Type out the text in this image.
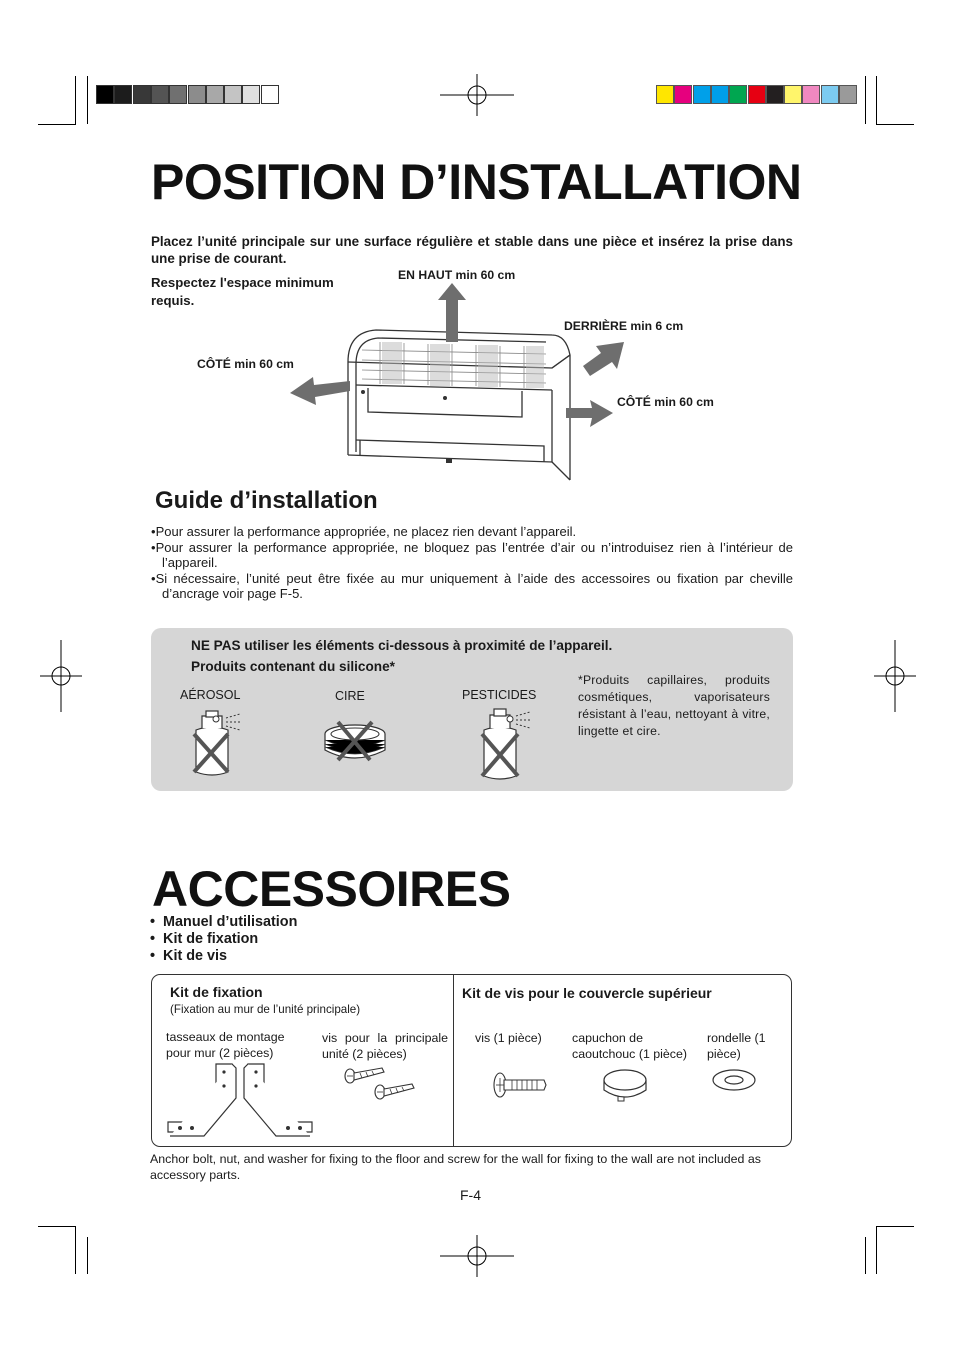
POSITION D’INSTALLATION
Placez l’unité principale sur une surface régulière et stable dans une pièce et insérez la prise dans une prise de courant.
Respectez l'espace minimum requis.
EN HAUT min 60 cm
DERRIÈRE min 6 cm
CÔTÉ min 60 cm
CÔTÉ min 60 cm
Guide d’installation
•Pour assurer la performance appropriée, ne placez rien devant l’appareil.
•Pour assurer la performance appropriée, ne bloquez pas l’entrée d’air ou n’introduisez rien à l’intérieur de l’appareil.
•Si nécessaire, l’unité peut être fixée au mur uniquement à l’aide des accessoires ou fixation par cheville d’ancrage voir page F-5.
NE PAS utiliser les éléments ci-dessous à proximité de l’appareil.
Produits contenant du silicone*
AÉROSOL	CIRE	PESTICIDES
*Produits capillaires, produits cosmétiques, vaporisateurs résistant à l’eau, nettoyant à vitre, lingette et cire.
ACCESSOIRES
•  Manuel d’utilisation
•  Kit de fixation
•  Kit de vis
Kit de fixation
(Fixation au mur de l’unité principale)
tasseaux de montage pour mur (2 pièces)
vis pour la principale unité (2 pièces)
Kit de vis pour le couvercle supérieur
vis (1 pièce) capuchon de caoutchouc (1 pièce)
rondelle (1 pièce)
Anchor bolt, nut, and washer for fixing to the floor and screw for the wall for fixing to the wall are not included as accessory parts.
F-4
